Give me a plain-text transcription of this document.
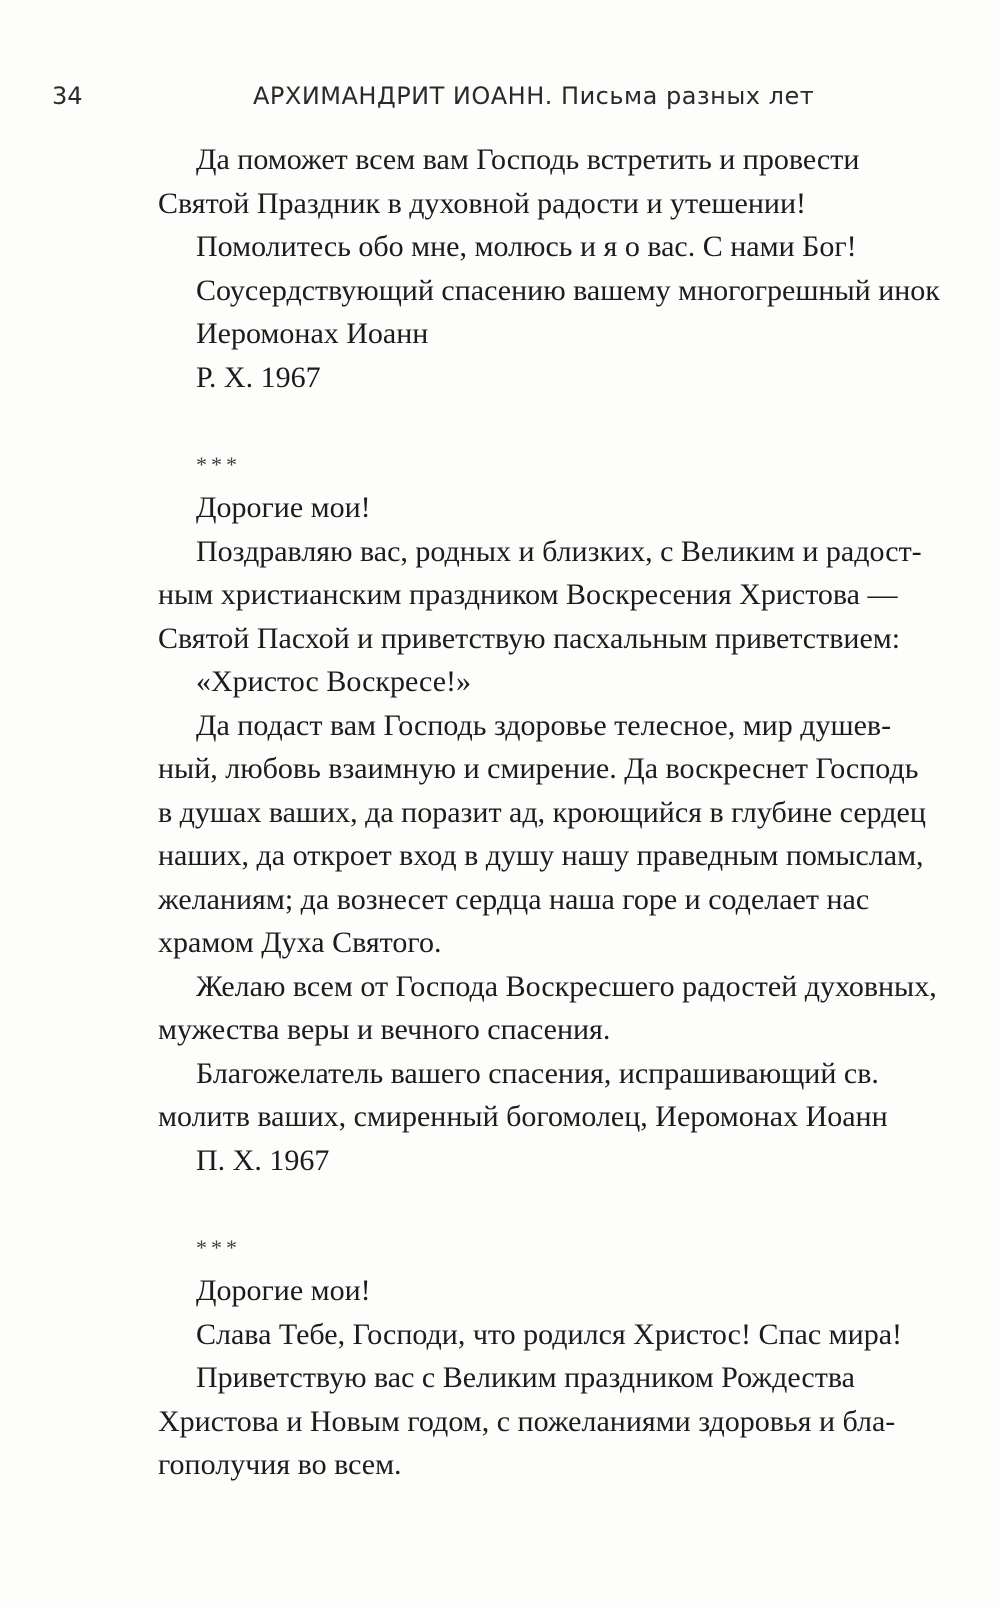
34	АРХИМАНДРИТ ИОАНН. Письма разных лет

Да поможет всем вам Господь встретить и провести

Святой Праздник в духовной радости и утешении!

Помолитесь обо мне, молюсь и я о вас. С нами Бог!

Соусердствующий спасению вашему многогрешный инок

Иеромонах Иоанн

Р. Х. 1967

***

Дорогие мои!

Поздравляю вас, родных и близких, с Великим и радост-

ным христианским праздником Воскресения Христова —

Святой Пасхой и приветствую пасхальным приветствием:

«Христос Воскресе!»

Да подаст вам Господь здоровье телесное, мир душев-

ный, любовь взаимную и смирение. Да воскреснет Господь

в душах ваших, да поразит ад, кроющийся в глубине сердец

наших, да откроет вход в душу нашу праведным помыслам,

желаниям; да вознесет сердца наша горе и соделает нас

храмом Духа Святого.

Желаю всем от Господа Воскресшего радостей духовных,

мужества веры и вечного спасения.

Благожелатель вашего спасения, испрашивающий св.

молитв ваших, смиренный богомолец, Иеромонах Иоанн

П. Х. 1967

***

Дорогие мои!

Слава Тебе, Господи, что родился Христос! Спас мира!

Приветствую вас с Великим праздником Рождества

Христова и Новым годом, с пожеланиями здоровья и бла-

гополучия во всем.
